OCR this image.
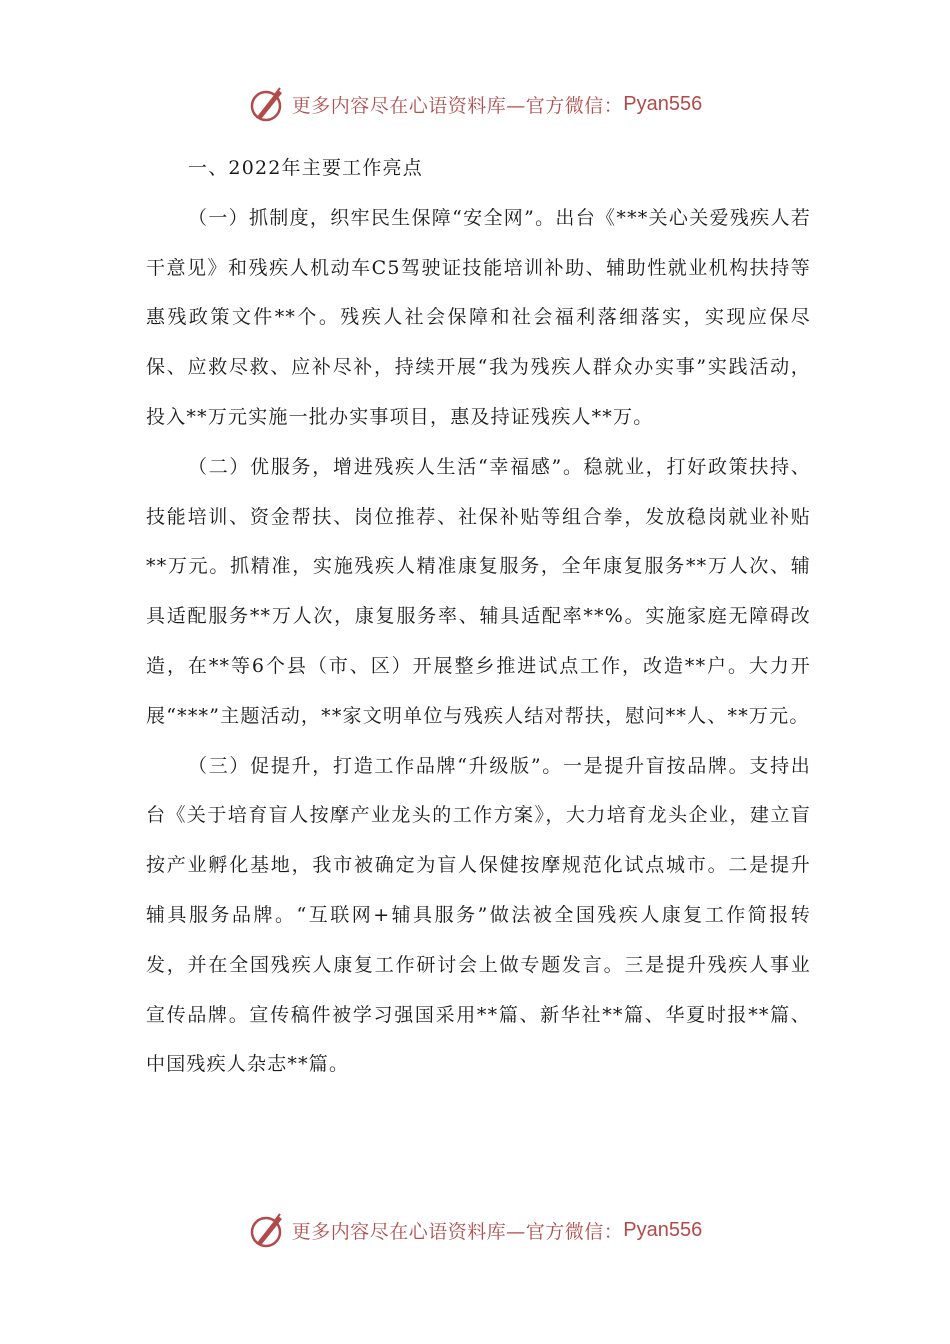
更多内容尽在心语资料库—官方微信： Pyan556

一、2022年主要工作亮点

（一）抓制度，织牢民生保障“安全网”。出台《***关心关爱残疾人若干意见》和残疾人机动车C5驾驶证技能培训补助、辅助性就业机构扶持等惠残政策文件**个。残疾人社会保障和社会福利落细落实，实现应保尽保、应救尽救、应补尽补，持续开展“我为残疾人群众办实事”实践活动，投入**万元实施一批办实事项目，惠及持证残疾人**万。

（二）优服务，增进残疾人生活“幸福感”。稳就业，打好政策扶持、技能培训、资金帮扶、岗位推荐、社保补贴等组合拳，发放稳岗就业补贴**万元。抓精准，实施残疾人精准康复服务，全年康复服务**万人次、辅具适配服务**万人次，康复服务率、辅具适配率**%。实施家庭无障碍改造，在**等6个县（市、区）开展整乡推进试点工作，改造**户。大力开展“***”主题活动，**家文明单位与残疾人结对帮扶，慰问**人、**万元。

（三）促提升，打造工作品牌“升级版”。一是提升盲按品牌。支持出台《关于培育盲人按摩产业龙头的工作方案》，大力培育龙头企业，建立盲按产业孵化基地，我市被确定为盲人保健按摩规范化试点城市。二是提升辅具服务品牌。“互联网+辅具服务”做法被全国残疾人康复工作简报转发，并在全国残疾人康复工作研讨会上做专题发言。三是提升残疾人事业宣传品牌。宣传稿件被学习强国采用**篇、新华社**篇、华夏时报**篇、中国残疾人杂志**篇。

更多内容尽在心语资料库—官方微信： Pyan556
